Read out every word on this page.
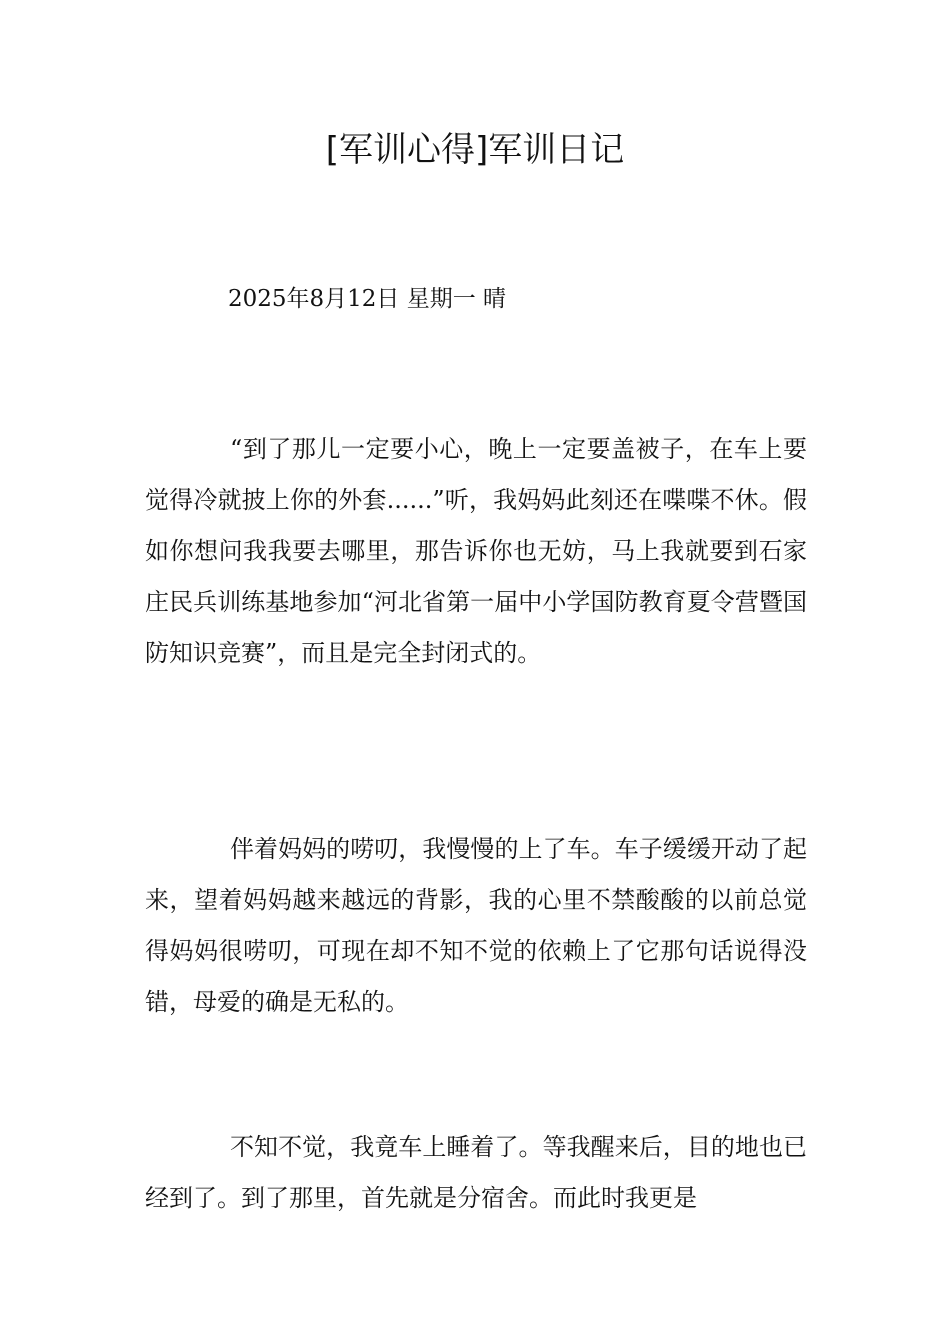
[军训心得]军训日记

2025年8月12日 星期一 晴

“到了那儿一定要小心，晚上一定要盖被子，在车上要觉得冷就披上你的外套......”听，我妈妈此刻还在喋喋不休。假如你想问我我要去哪里，那告诉你也无妨，马上我就要到石家庄民兵训练基地参加“河北省第一届中小学国防教育夏令营暨国防知识竞赛”，而且是完全封闭式的。

伴着妈妈的唠叨，我慢慢的上了车。车子缓缓开动了起来，望着妈妈越来越远的背影，我的心里不禁酸酸的以前总觉得妈妈很唠叨，可现在却不知不觉的依赖上了它那句话说得没错，母爱的确是无私的。

不知不觉，我竟车上睡着了。等我醒来后，目的地也已经到了。到了那里，首先就是分宿舍。而此时我更是
